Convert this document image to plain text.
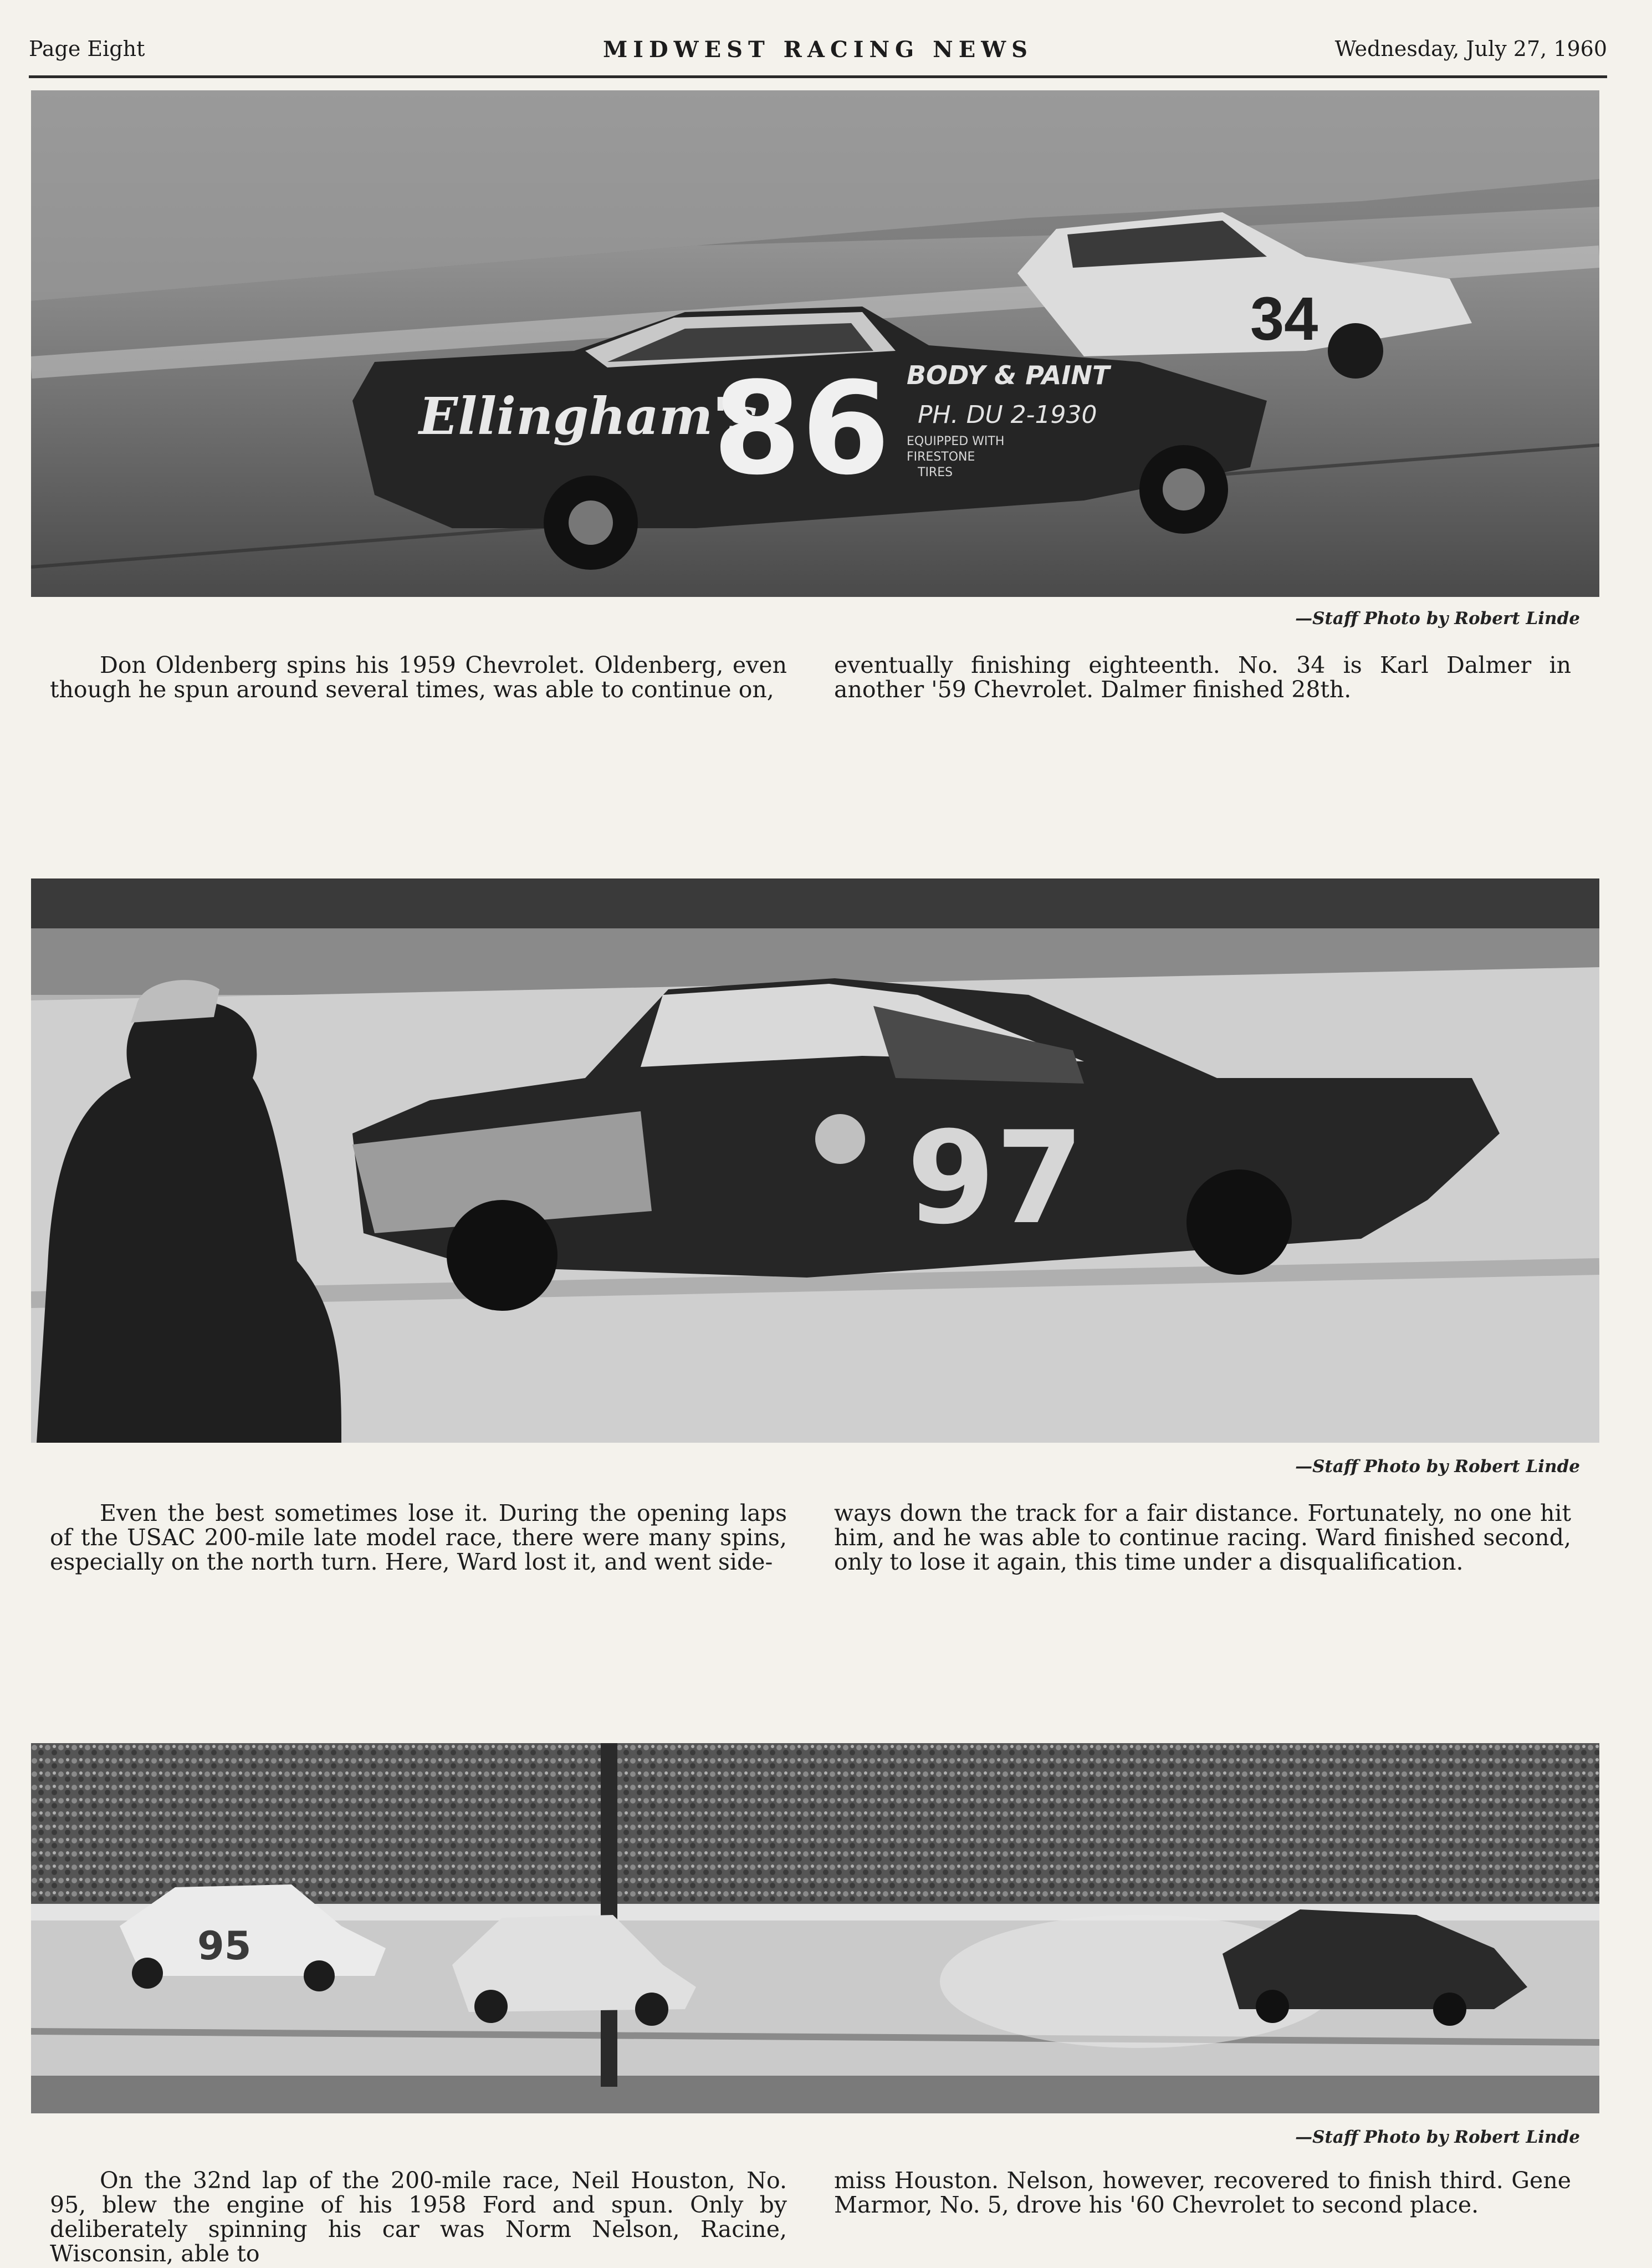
Page Eight	MIDWEST RACING NEWS	Wednesday, July 27, 1960
34
Ellingham's
86 BODY & PAINT
PH. DU 2-1930
EQUIPPED WITH
FIRESTONE
TIRES
—Staff Photo by Robert Linde
Don Oldenberg spins his 1959 Chevrolet. Oldenberg, even though he spun around several times, was able to continue on,
eventually finishing eighteenth. No. 34 is Karl Dalmer in another '59 Chevrolet. Dalmer finished 28th.
97
—Staff Photo by Robert Linde
Even the best sometimes lose it. During the opening laps of the USAC 200-mile late model race, there were many spins, especially on the north turn. Here, Ward lost it, and went side-
ways down the track for a fair distance. Fortunately, no one hit him, and he was able to continue racing. Ward finished second, only to lose it again, this time under a disqualification.
95
—Staff Photo by Robert Linde
On the 32nd lap of the 200-mile race, Neil Houston, No. 95, blew the engine of his 1958 Ford and spun. Only by deliberately spinning his car was Norm Nelson, Racine, Wisconsin, able to
miss Houston. Nelson, however, recovered to finish third. Gene Marmor, No. 5, drove his '60 Chevrolet to second place.
